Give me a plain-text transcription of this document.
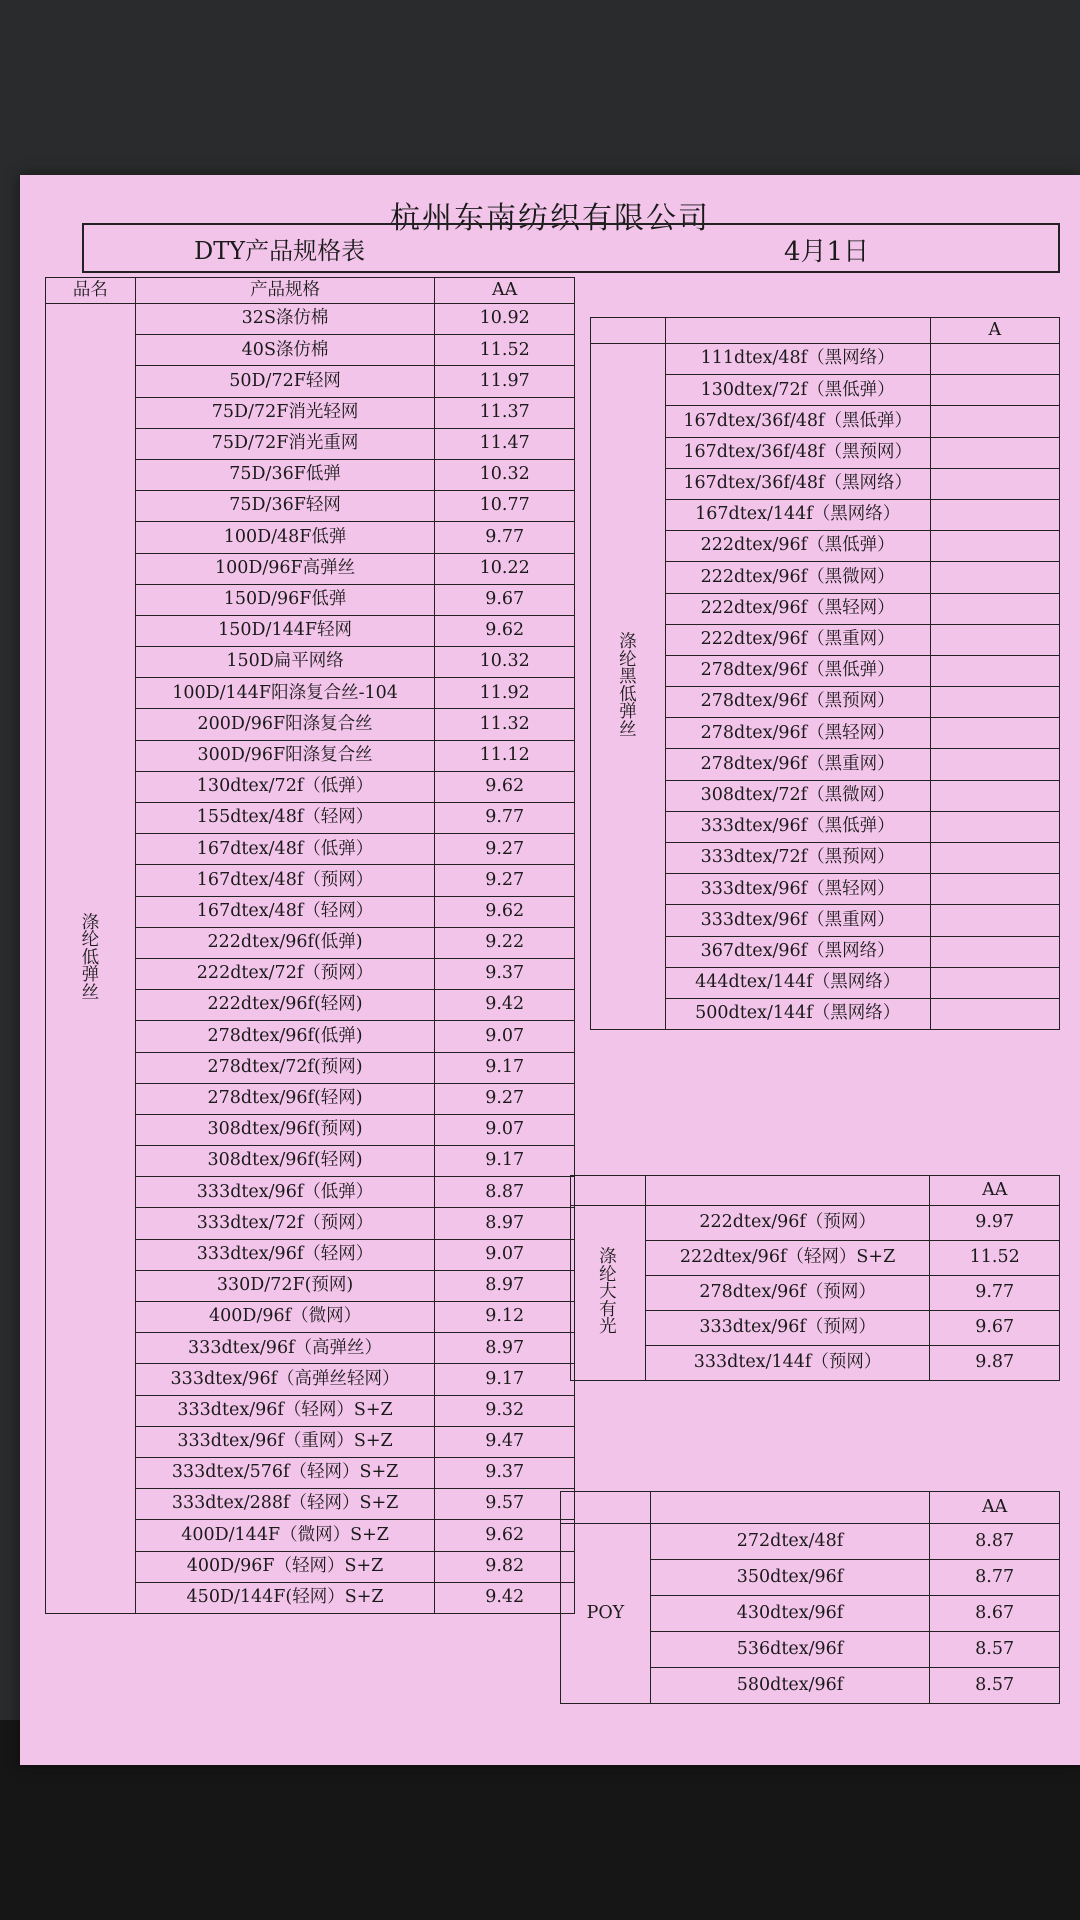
杭州东南纺织有限公司
DTY产品规格表	4月1日
品名	产品规格	AA
涤纶低弹丝	32S涤仿棉	10.92
	40S涤仿棉	11.52
	50D/72F轻网	11.97
	75D/72F消光轻网	11.37
	75D/72F消光重网	11.47
	75D/36F低弹	10.32
	75D/36F轻网	10.77
	100D/48F低弹	9.77
	100D/96F高弹丝	10.22
	150D/96F低弹	9.67
	150D/144F轻网	9.62
	150D扁平网络	10.32
	100D/144F阳涤复合丝-104	11.92
	200D/96F阳涤复合丝	11.32
	300D/96F阳涤复合丝	11.12
	130dtex/72f（低弹）	9.62
	155dtex/48f（轻网）	9.77
	167dtex/48f（低弹）	9.27
	167dtex/48f（预网）	9.27
	167dtex/48f（轻网）	9.62
	222dtex/96f(低弹)	9.22
	222dtex/72f（预网）	9.37
	222dtex/96f(轻网)	9.42
	278dtex/96f(低弹)	9.07
	278dtex/72f(预网)	9.17
	278dtex/96f(轻网)	9.27
	308dtex/96f(预网)	9.07
	308dtex/96f(轻网)	9.17
	333dtex/96f（低弹）	8.87
	333dtex/72f（预网）	8.97
	333dtex/96f（轻网）	9.07
	330D/72F(预网)	8.97
	400D/96f（微网）	9.12
	333dtex/96f（高弹丝）	8.97
	333dtex/96f（高弹丝轻网）	9.17
	333dtex/96f（轻网）S+Z	9.32
	333dtex/96f（重网）S+Z	9.47
	333dtex/576f（轻网）S+Z	9.37
	333dtex/288f（轻网）S+Z	9.57
	400D/144F（微网）S+Z	9.62
	400D/96F（轻网）S+Z	9.82
	450D/144F(轻网）S+Z	9.42
		A
涤纶黑低弹丝	111dtex/48f（黑网络）	
	130dtex/72f（黑低弹）	
	167dtex/36f/48f（黑低弹）	
	167dtex/36f/48f（黑预网）	
	167dtex/36f/48f（黑网络）	
	167dtex/144f（黑网络）	
	222dtex/96f（黑低弹）	
	222dtex/96f（黑微网）	
	222dtex/96f（黑轻网）	
	222dtex/96f（黑重网）	
	278dtex/96f（黑低弹）	
	278dtex/96f（黑预网）	
	278dtex/96f（黑轻网）	
	278dtex/96f（黑重网）	
	308dtex/72f（黑微网）	
	333dtex/96f（黑低弹）	
	333dtex/72f（黑预网）	
	333dtex/96f（黑轻网）	
	333dtex/96f（黑重网）	
	367dtex/96f（黑网络）	
	444dtex/144f（黑网络）	
	500dtex/144f（黑网络）	
		AA
涤纶大有光	222dtex/96f（预网）	9.97
	222dtex/96f（轻网）S+Z	11.52
	278dtex/96f（预网）	9.77
	333dtex/96f（预网）	9.67
	333dtex/144f（预网）	9.87
		AA
POY	272dtex/48f	8.87
	350dtex/96f	8.77
	430dtex/96f	8.67
	536dtex/96f	8.57
	580dtex/96f	8.57
